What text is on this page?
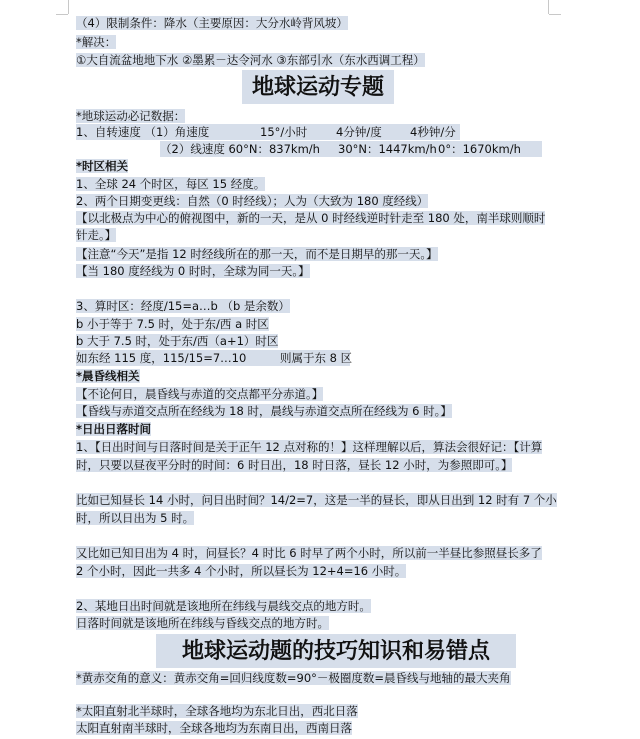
（4）限制条件：降水（主要原因：大分水岭背风坡）
*解决：
①大自流盆地地下水 ②墨累－达令河水 ③东部引水（东水西调工程）
地球运动专题
*地球运动必记数据：
1、自转速度 （1）角速度	15°/小时 4分钟/度 4秒钟/分
（2）线速度 60°N：837km/h 30°N：1447km/h 0°：1670km/h
*时区相关
1、全球 24 个时区，每区 15 经度。
2、两个日期变更线：自然（0 时经线）；人为（大致为 180 度经线）
【以北极点为中心的俯视图中，新的一天，是从 0 时经线逆时针走至 180 处，南半球则顺时
针走。】
【注意“今天”是指 12 时经线所在的那一天，而不是日期早的那一天。】
【当 180 度经线为 0 时时，全球为同一天。】
3、算时区：经度/15=a…b （b 是余数）
b 小于等于 7.5 时，处于东/西 a 时区
b 大于 7.5 时，处于东/西（a+1）时区
如东经 115 度，115/15=7…10	则属于东 8 区
*晨昏线相关
【不论何日，晨昏线与赤道的交点都平分赤道。】
【昏线与赤道交点所在经线为 18 时，晨线与赤道交点所在经线为 6 时。】
*日出日落时间
1、【日出时间与日落时间是关于正午 12 点对称的！】这样理解以后，算法会很好记：【计算
时，只要以昼夜平分时的时间：6 时日出，18 时日落，昼长 12 小时，为参照即可。】
比如已知昼长 14 小时，问日出时间？14/2=7，这是一半的昼长，即从日出到 12 时有 7 个小
时，所以日出为 5 时。
又比如已知日出为 4 时，问昼长？4 时比 6 时早了两个小时，所以前一半昼比参照昼长多了
2 个小时，因此一共多 4 个小时，所以昼长为 12+4=16 小时。
2、某地日出时间就是该地所在纬线与晨线交点的地方时。
日落时间就是该地所在纬线与昏线交点的地方时。
地球运动题的技巧知识和易错点
*黄赤交角的意义：黄赤交角=回归线度数=90°－极圈度数=晨昏线与地轴的最大夹角
*太阳直射北半球时，全球各地均为东北日出，西北日落
太阳直射南半球时，全球各地均为东南日出，西南日落
